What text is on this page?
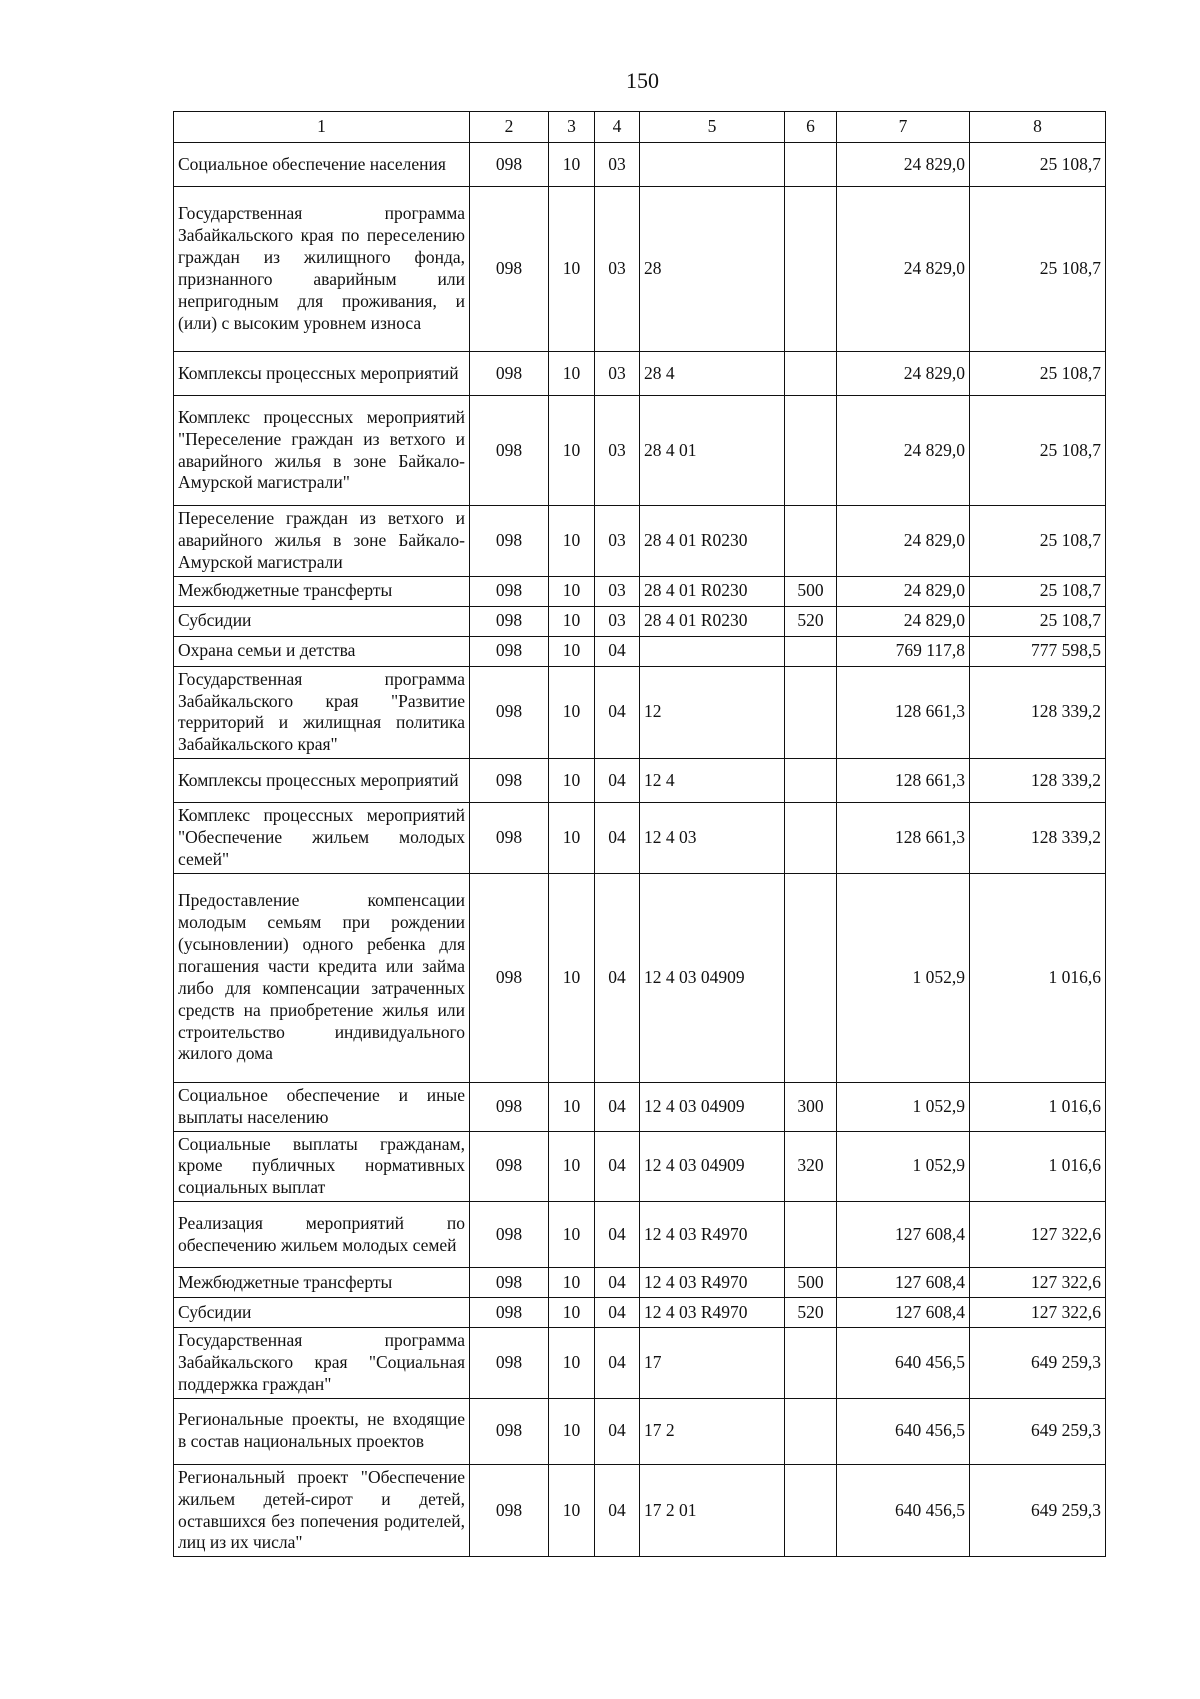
150
1	2	3	4	5	6	7	8
Социальное обеспечение населения	098	10	03			24 829,0	25 108,7
Государственная программа Забайкальского края по переселению граждан из жилищного фонда, признанного аварийным или непригодным для проживания, и (или) с высоким уровнем износа	098	10	03	28		24 829,0	25 108,7
Комплексы процессных мероприятий	098	10	03	28 4		24 829,0	25 108,7
Комплекс процессных мероприятий "Переселение граждан из ветхого и аварийного жилья в зоне Байкало-Амурской магистрали"	098	10	03	28 4 01		24 829,0	25 108,7
Переселение граждан из ветхого и аварийного жилья в зоне Байкало-Амурской магистрали	098	10	03	28 4 01 R0230		24 829,0	25 108,7
Межбюджетные трансферты	098	10	03	28 4 01 R0230	500	24 829,0	25 108,7
Субсидии	098	10	03	28 4 01 R0230	520	24 829,0	25 108,7
Охрана семьи и детства	098	10	04			769 117,8	777 598,5
Государственная программа Забайкальского края "Развитие территорий и жилищная политика Забайкальского края"	098	10	04	12		128 661,3	128 339,2
Комплексы процессных мероприятий	098	10	04	12 4		128 661,3	128 339,2
Комплекс процессных мероприятий "Обеспечение жильем молодых семей"	098	10	04	12 4 03		128 661,3	128 339,2
Предоставление компенсации молодым семьям при рождении (усыновлении) одного ребенка для погашения части кредита или займа либо для компенсации затраченных средств на приобретение жилья или строительство индивидуального жилого дома	098	10	04	12 4 03 04909		1 052,9	1 016,6
Социальное обеспечение и иные выплаты населению	098	10	04	12 4 03 04909	300	1 052,9	1 016,6
Социальные выплаты гражданам, кроме публичных нормативных социальных выплат	098	10	04	12 4 03 04909	320	1 052,9	1 016,6
Реализация мероприятий по обеспечению жильем молодых семей	098	10	04	12 4 03 R4970		127 608,4	127 322,6
Межбюджетные трансферты	098	10	04	12 4 03 R4970	500	127 608,4	127 322,6
Субсидии	098	10	04	12 4 03 R4970	520	127 608,4	127 322,6
Государственная программа Забайкальского края "Социальная поддержка граждан"	098	10	04	17		640 456,5	649 259,3
Региональные проекты, не входящие в состав национальных проектов	098	10	04	17 2		640 456,5	649 259,3
Региональный проект "Обеспечение жильем детей-сирот и детей, оставшихся без попечения родителей, лиц из их числа"	098	10	04	17 2 01		640 456,5	649 259,3
